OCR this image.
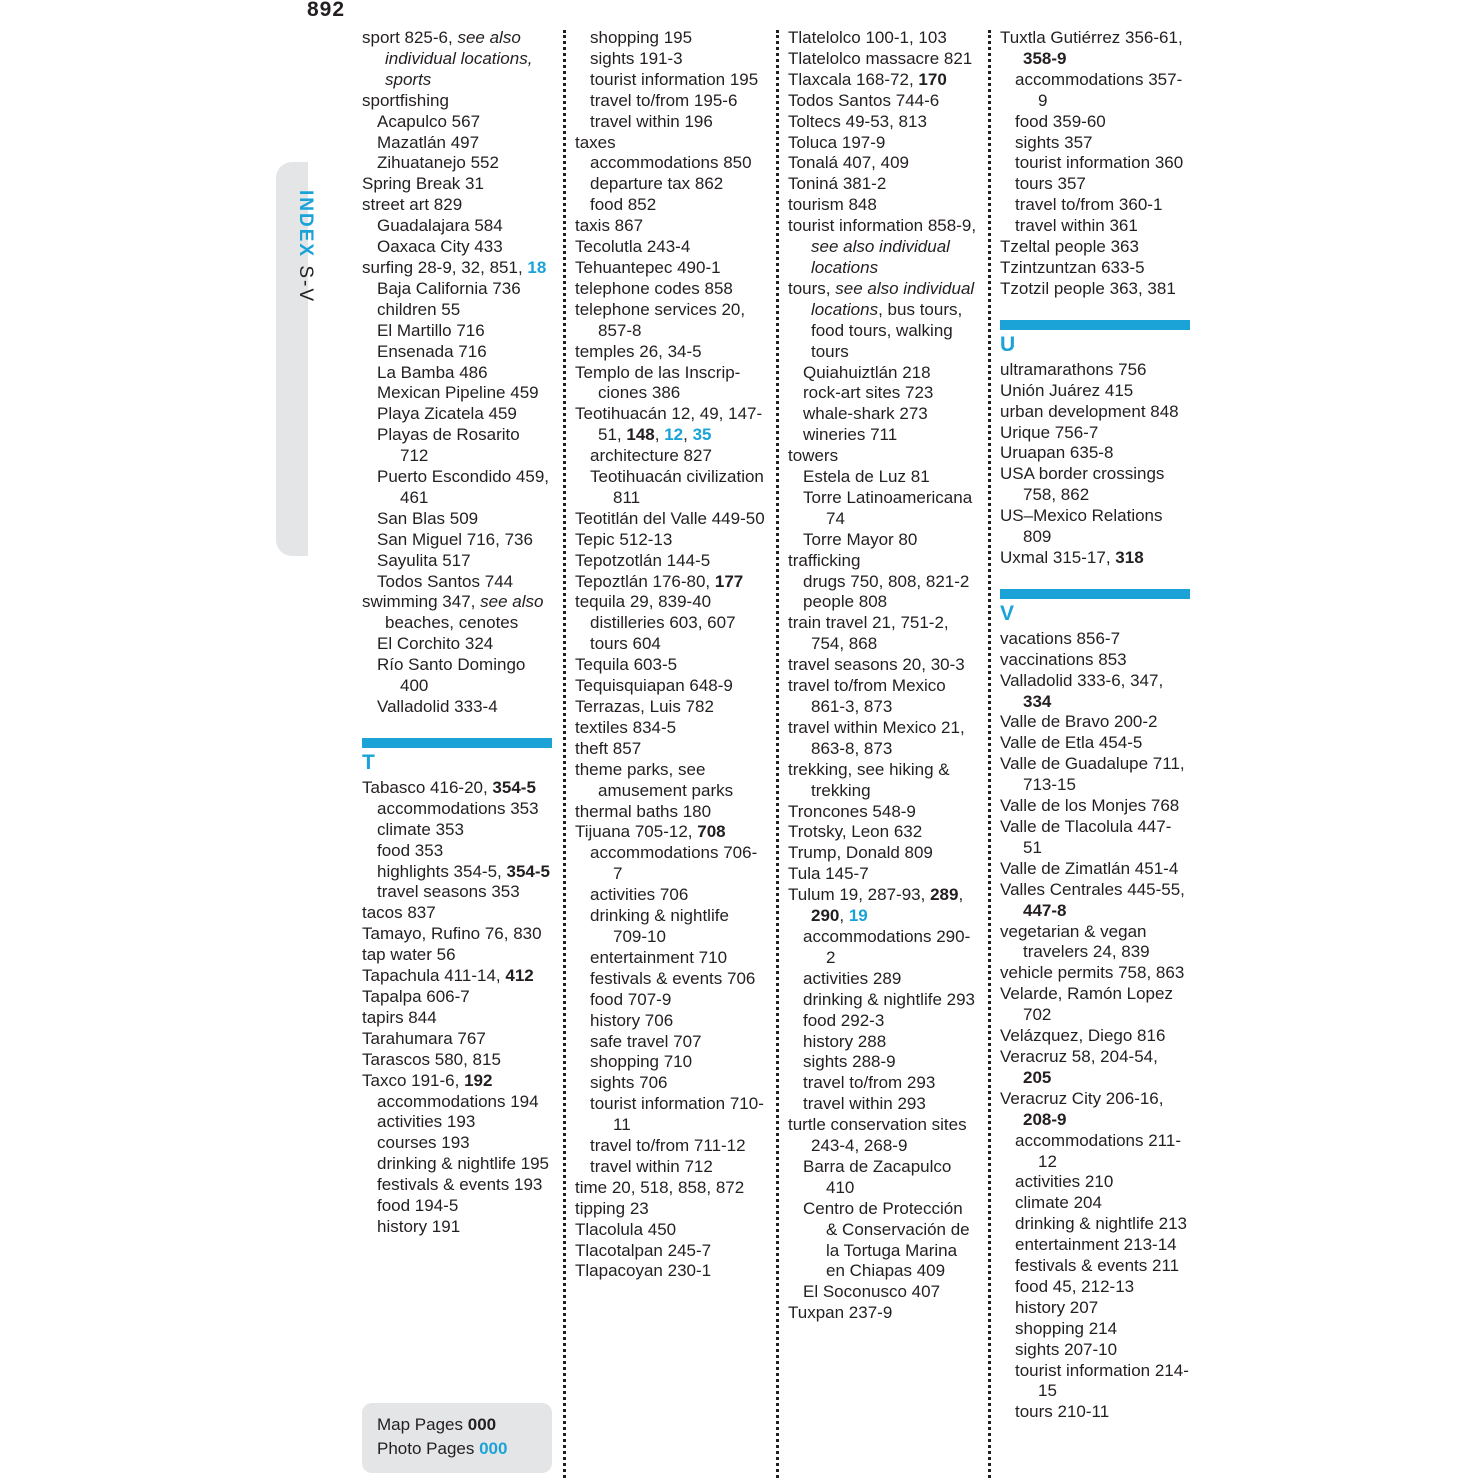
892
INDEX S-V
sport 825-6, see also individual locations, sports
sportfishing
Acapulco 567
Mazatlán 497
Zihuatanejo 552
Spring Break 31
street art 829
Guadalajara 584
Oaxaca City 433
surfing 28-9, 32, 851, 18
Baja California 736
children 55
El Martillo 716
Ensenada 716
La Bamba 486
Mexican Pipeline 459
Playa Zicatela 459
Playas de Rosarito 712
Puerto Escondido 459, 461
San Blas 509
San Miguel 716, 736
Sayulita 517
Todos Santos 744
swimming 347, see also beaches, cenotes
El Corchito 324
Río Santo Domingo 400
Valladolid 333-4
T
Tabasco 416-20, 354-5
accommodations 353
climate 353
food 353
highlights 354-5, 354-5
travel seasons 353
tacos 837
Tamayo, Rufino 76, 830
tap water 56
Tapachula 411-14, 412
Tapalpa 606-7
tapirs 844
Tarahumara 767
Tarascos 580, 815
Taxco 191-6, 192
accommodations 194
activities 193
courses 193
drinking & nightlife 195
festivals & events 193
food 194-5
history 191
shopping 195
sights 191-3
tourist information 195
travel to/from 195-6
travel within 196
taxes
accommodations 850
departure tax 862
food 852
taxis 867
Tecolutla 243-4
Tehuantepec 490-1
telephone codes 858
telephone services 20, 857-8
temples 26, 34-5
Templo de las Inscrip- ciones 386
Teotihuacán 12, 49, 147-51, 148, 12, 35
architecture 827
Teotihuacán civilization 811
Teotitlán del Valle 449-50
Tepic 512-13
Tepotzotlán 144-5
Tepoztlán 176-80, 177
tequila 29, 839-40
distilleries 603, 607
tours 604
Tequila 603-5
Tequisquiapan 648-9
Terrazas, Luis 782
textiles 834-5
theft 857
theme parks, see amusement parks
thermal baths 180
Tijuana 705-12, 708
accommodations 706-7
activities 706
drinking & nightlife 709-10
entertainment 710
festivals & events 706
food 707-9
history 706
safe travel 707
shopping 710
sights 706
tourist information 710-11
travel to/from 711-12
travel within 712
time 20, 518, 858, 872
tipping 23
Tlacolula 450
Tlacotalpan 245-7
Tlapacoyan 230-1
Tlatelolco 100-1, 103
Tlatelolco massacre 821
Tlaxcala 168-72, 170
Todos Santos 744-6
Toltecs 49-53, 813
Toluca 197-9
Tonalá 407, 409
Toniná 381-2
tourism 848
tourist information 858-9, see also individual locations
tours, see also individual locations, bus tours, food tours, walking tours
Quiahuiztlán 218
rock-art sites 723
whale-shark 273
wineries 711
towers
Estela de Luz 81
Torre Latinoamericana 74
Torre Mayor 80
trafficking
drugs 750, 808, 821-2
people 808
train travel 21, 751-2, 754, 868
travel seasons 20, 30-3
travel to/from Mexico 861-3, 873
travel within Mexico 21, 863-8, 873
trekking, see hiking & trekking
Troncones 548-9
Trotsky, Leon 632
Trump, Donald 809
Tula 145-7
Tulum 19, 287-93, 289, 290, 19
accommodations 290-2
activities 289
drinking & nightlife 293
food 292-3
history 288
sights 288-9
travel to/from 293
travel within 293
turtle conservation sites 243-4, 268-9
Barra de Zacapulco 410
Centro de Protección & Conservación de la Tortuga Marina en Chiapas 409
El Soconusco 407
Tuxpan 237-9
Tuxtla Gutiérrez 356-61, 358-9
accommodations 357-9
food 359-60
sights 357
tourist information 360
tours 357
travel to/from 360-1
travel within 361
Tzeltal people 363
Tzintzuntzan 633-5
Tzotzil people 363, 381
U
ultramarathons 756
Unión Juárez 415
urban development 848
Urique 756-7
Uruapan 635-8
USA border crossings 758, 862
US–Mexico Relations 809
Uxmal 315-17, 318
V
vacations 856-7
vaccinations 853
Valladolid 333-6, 347, 334
Valle de Bravo 200-2
Valle de Etla 454-5
Valle de Guadalupe 711, 713-15
Valle de los Monjes 768
Valle de Tlacolula 447-51
Valle de Zimatlán 451-4
Valles Centrales 445-55, 447-8
vegetarian & vegan travelers 24, 839
vehicle permits 758, 863
Velarde, Ramón Lopez 702
Velázquez, Diego 816
Veracruz 58, 204-54, 205
Veracruz City 206-16, 208-9
accommodations 211-12
activities 210
climate 204
drinking & nightlife 213
entertainment 213-14
festivals & events 211
food 45, 212-13
history 207
shopping 214
sights 207-10
tourist information 214-15
tours 210-11
Map Pages 000
Photo Pages 000
